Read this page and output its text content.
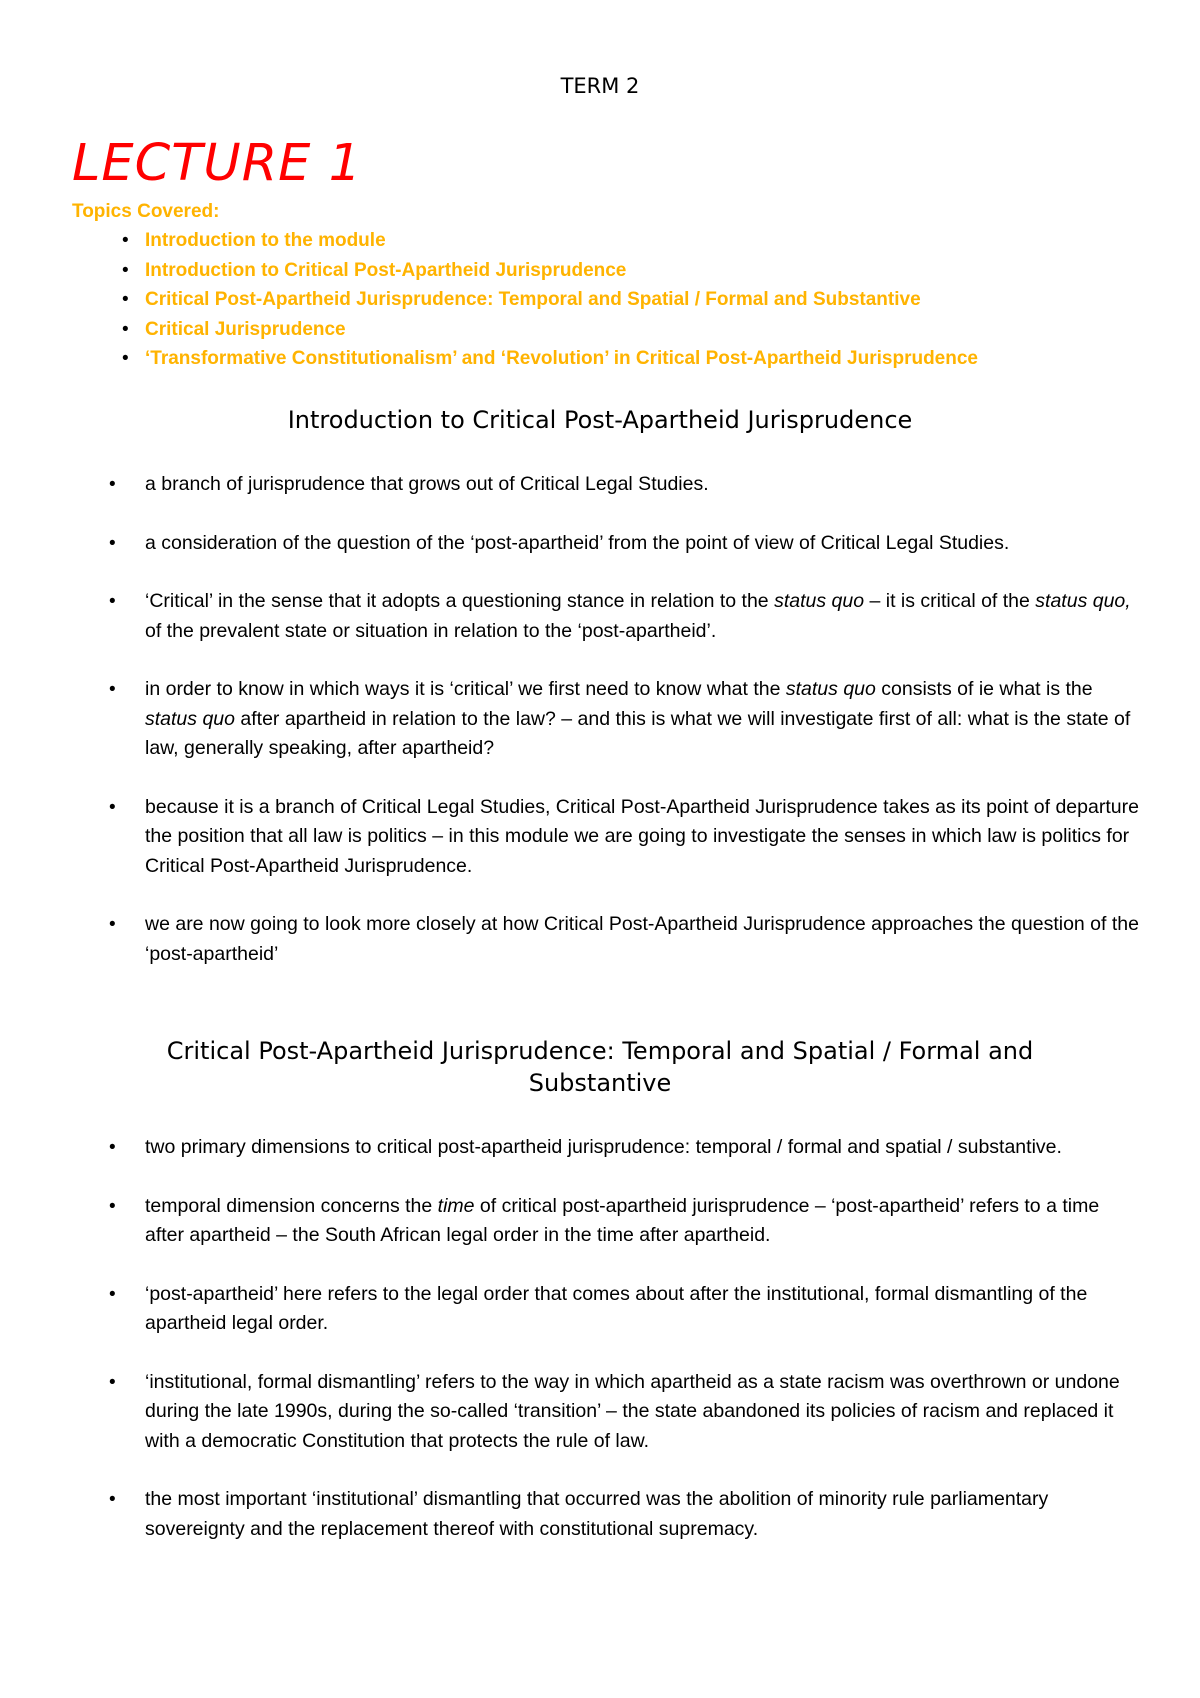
TERM 2
LECTURE 1
Topics Covered:
• Introduction to the module
• Introduction to Critical Post-Apartheid Jurisprudence
• Critical Post-Apartheid Jurisprudence: Temporal and Spatial / Formal and Substantive
• Critical Jurisprudence
• ‘Transformative Constitutionalism’ and ‘Revolution’ in Critical Post-Apartheid Jurisprudence
Introduction to Critical Post-Apartheid Jurisprudence
•	a branch of jurisprudence that grows out of Critical Legal Studies.
•	a consideration of the question of the ‘post-apartheid’ from the point of view of Critical Legal Studies.
•	‘Critical’ in the sense that it adopts a questioning stance in relation to the status quo – it is critical of the status quo, of the prevalent state or situation in relation to the ‘post-apartheid’.
•	in order to know in which ways it is ‘critical’ we first need to know what the status quo consists of ie what is the status quo after apartheid in relation to the law? – and this is what we will investigate first of all: what is the state of law, generally speaking, after apartheid?
•	because it is a branch of Critical Legal Studies, Critical Post-Apartheid Jurisprudence takes as its point of departure the position that all law is politics – in this module we are going to investigate the senses in which law is politics for Critical Post-Apartheid Jurisprudence.
•	we are now going to look more closely at how Critical Post-Apartheid Jurisprudence approaches the question of the ‘post-apartheid’
Critical Post-Apartheid Jurisprudence: Temporal and Spatial / Formal and Substantive
•	two primary dimensions to critical post-apartheid jurisprudence: temporal / formal and spatial / substantive.
•	temporal dimension concerns the time of critical post-apartheid jurisprudence – ‘post-apartheid’ refers to a time after apartheid – the South African legal order in the time after apartheid.
•	‘post-apartheid’ here refers to the legal order that comes about after the institutional, formal dismantling of the apartheid legal order.
•	‘institutional, formal dismantling’ refers to the way in which apartheid as a state racism was overthrown or undone during the late 1990s, during the so-called ‘transition’ – the state abandoned its policies of racism and replaced it with a democratic Constitution that protects the rule of law.
•	the most important ‘institutional’ dismantling that occurred was the abolition of minority rule parliamentary sovereignty and the replacement thereof with constitutional supremacy.
